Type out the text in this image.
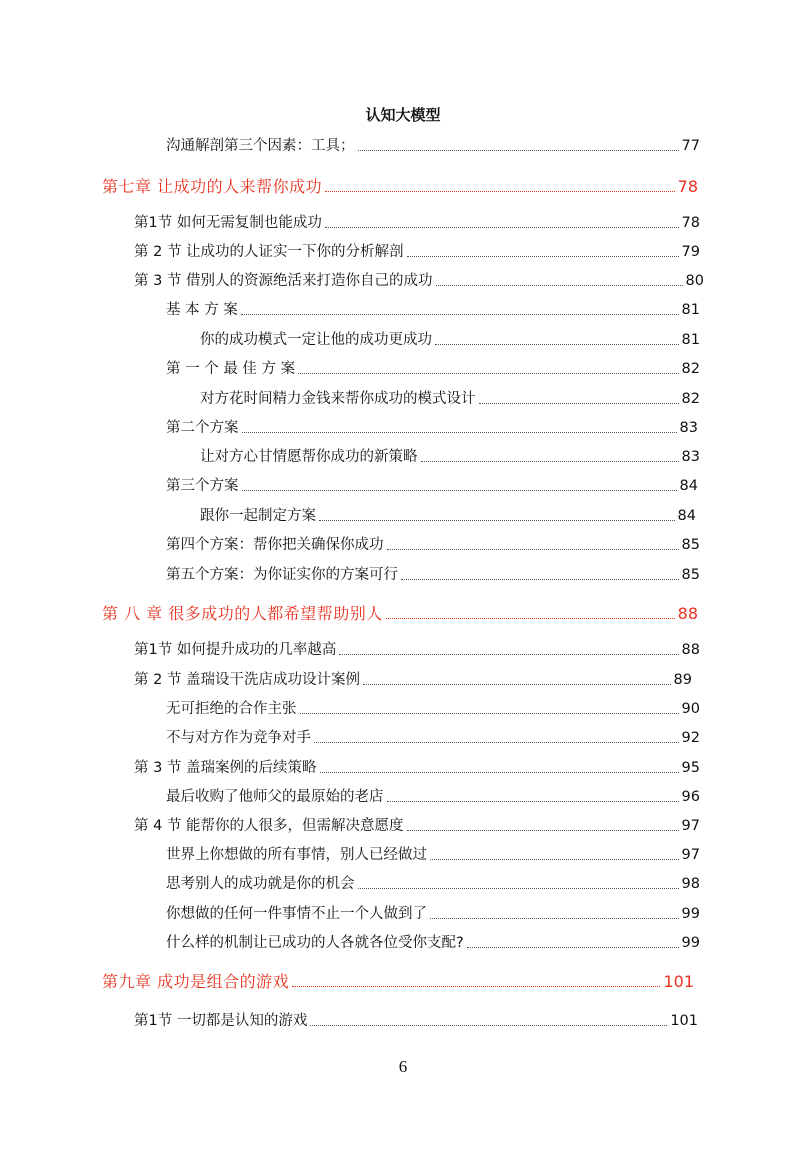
认知大模型
沟通解剖第三个因素：工具；	77
第七章 让成功的人来帮你成功	78
第1节 如何无需复制也能成功	78
第 2 节 让成功的人证实一下你的分析解剖	79
第 3 节 借别人的资源绝活来打造你自己的成功	80
基 本 方 案	81
你的成功模式一定让他的成功更成功	81
第 一 个 最 佳 方 案	82
对方花时间精力金钱来帮你成功的模式设计	82
第二个方案	83
让对方心甘情愿帮你成功的新策略	83
第三个方案	84
跟你一起制定方案	84
第四个方案：帮你把关确保你成功	85
第五个方案：为你证实你的方案可行	85
第 八 章 很多成功的人都希望帮助别人	88
第1节 如何提升成功的几率越高	88
第 2 节 盖瑞设干洗店成功设计案例	89
无可拒绝的合作主张	90
不与对方作为竞争对手	92
第 3 节 盖瑞案例的后续策略	95
最后收购了他师父的最原始的老店	96
第 4 节 能帮你的人很多，但需解决意愿度	97
世界上你想做的所有事情，别人已经做过	97
思考别人的成功就是你的机会	98
你想做的任何一件事情不止一个人做到了	99
什么样的机制让已成功的人各就各位受你支配?	99
第九章 成功是组合的游戏	101
第1节 一切都是认知的游戏	101
6
